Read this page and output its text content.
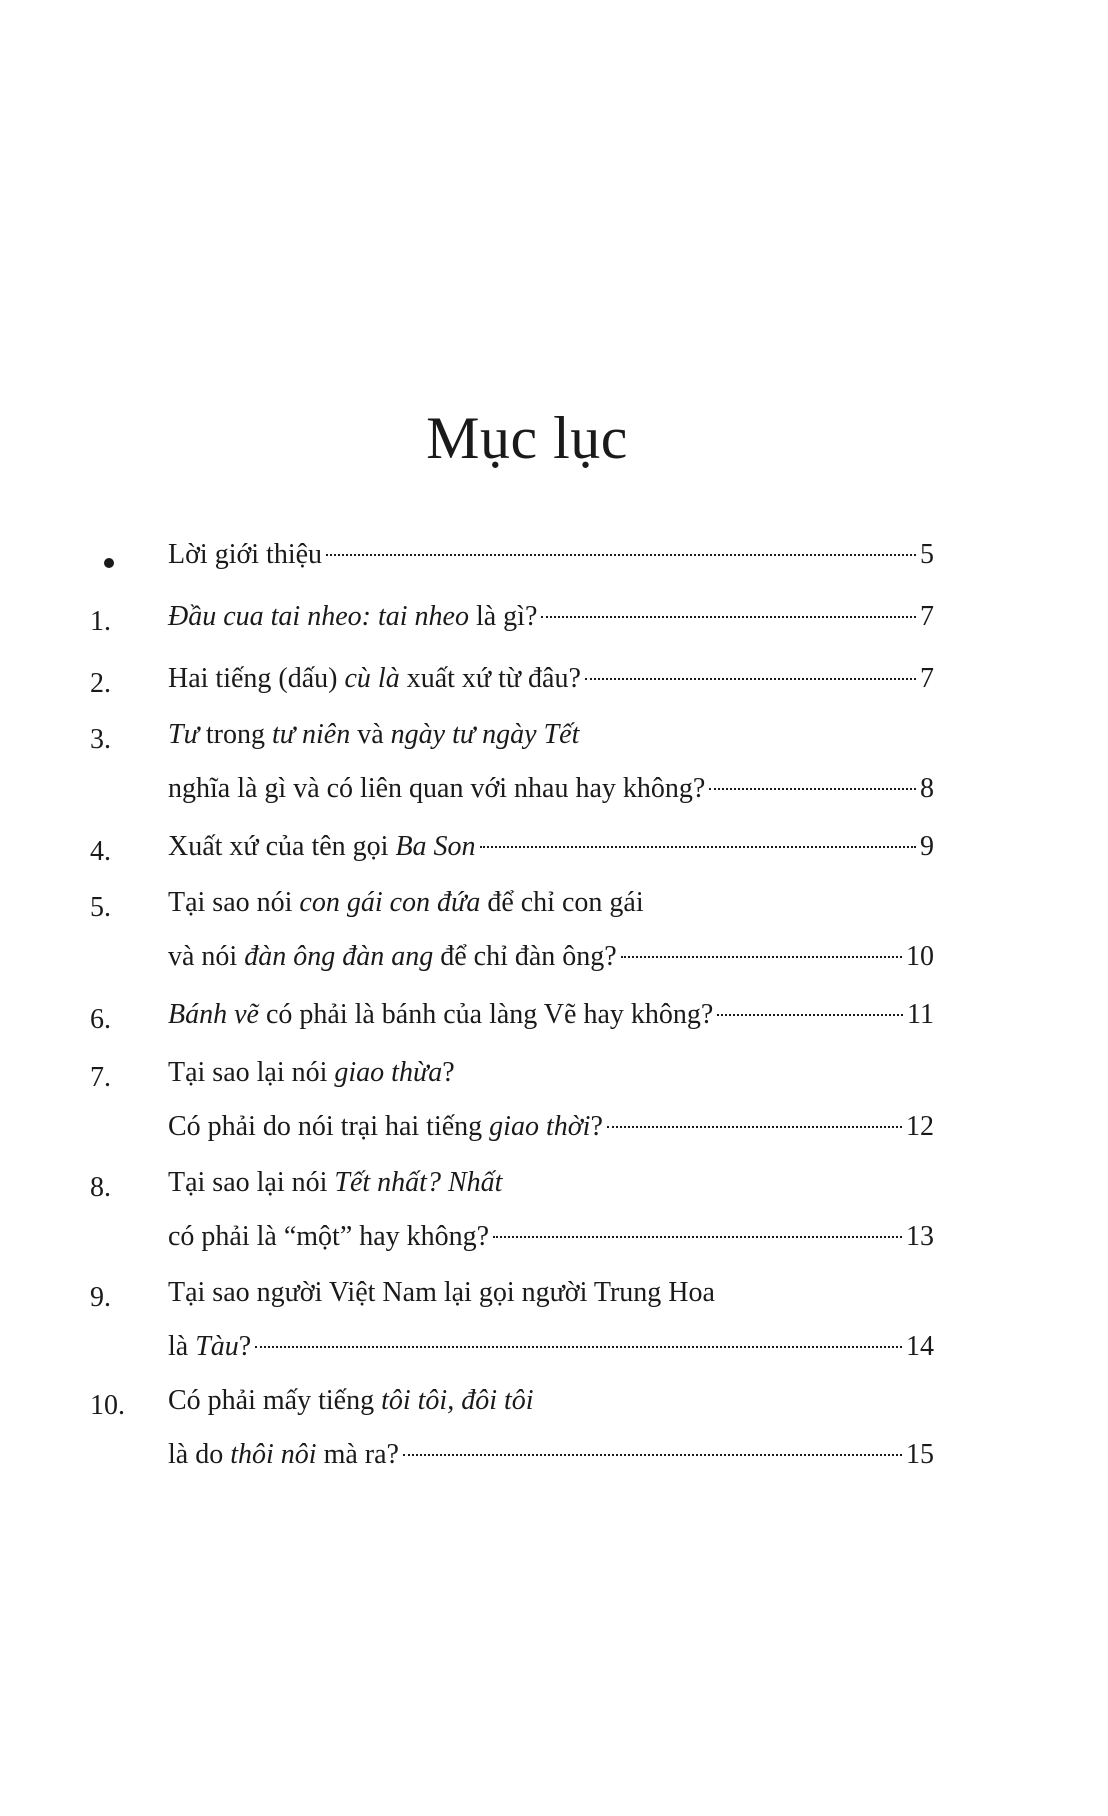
Mục lục
Lời giới thiệu	5
1.	Đầu cua tai nheo: tai nheo là gì?	7
2.	Hai tiếng (dấu) cù là xuất xứ từ đâu?	7
3.	Tư trong tư niên và ngày tư ngày Tết
nghĩa là gì và có liên quan với nhau hay không?	8
4.	Xuất xứ của tên gọi Ba Son	9
5.	Tại sao nói con gái con đứa để chỉ con gái
và nói đàn ông đàn ang để chỉ đàn ông?	10
6.	Bánh vẽ có phải là bánh của làng Vẽ hay không?	11
7.	Tại sao lại nói giao thừa?
Có phải do nói trại hai tiếng giao thời?	12
8.	Tại sao lại nói Tết nhất? Nhất
có phải là “một” hay không?	13
9.	Tại sao người Việt Nam lại gọi người Trung Hoa
là Tàu?	14
10.	Có phải mấy tiếng tôi tôi, đôi tôi
là do thôi nôi mà ra?	15
